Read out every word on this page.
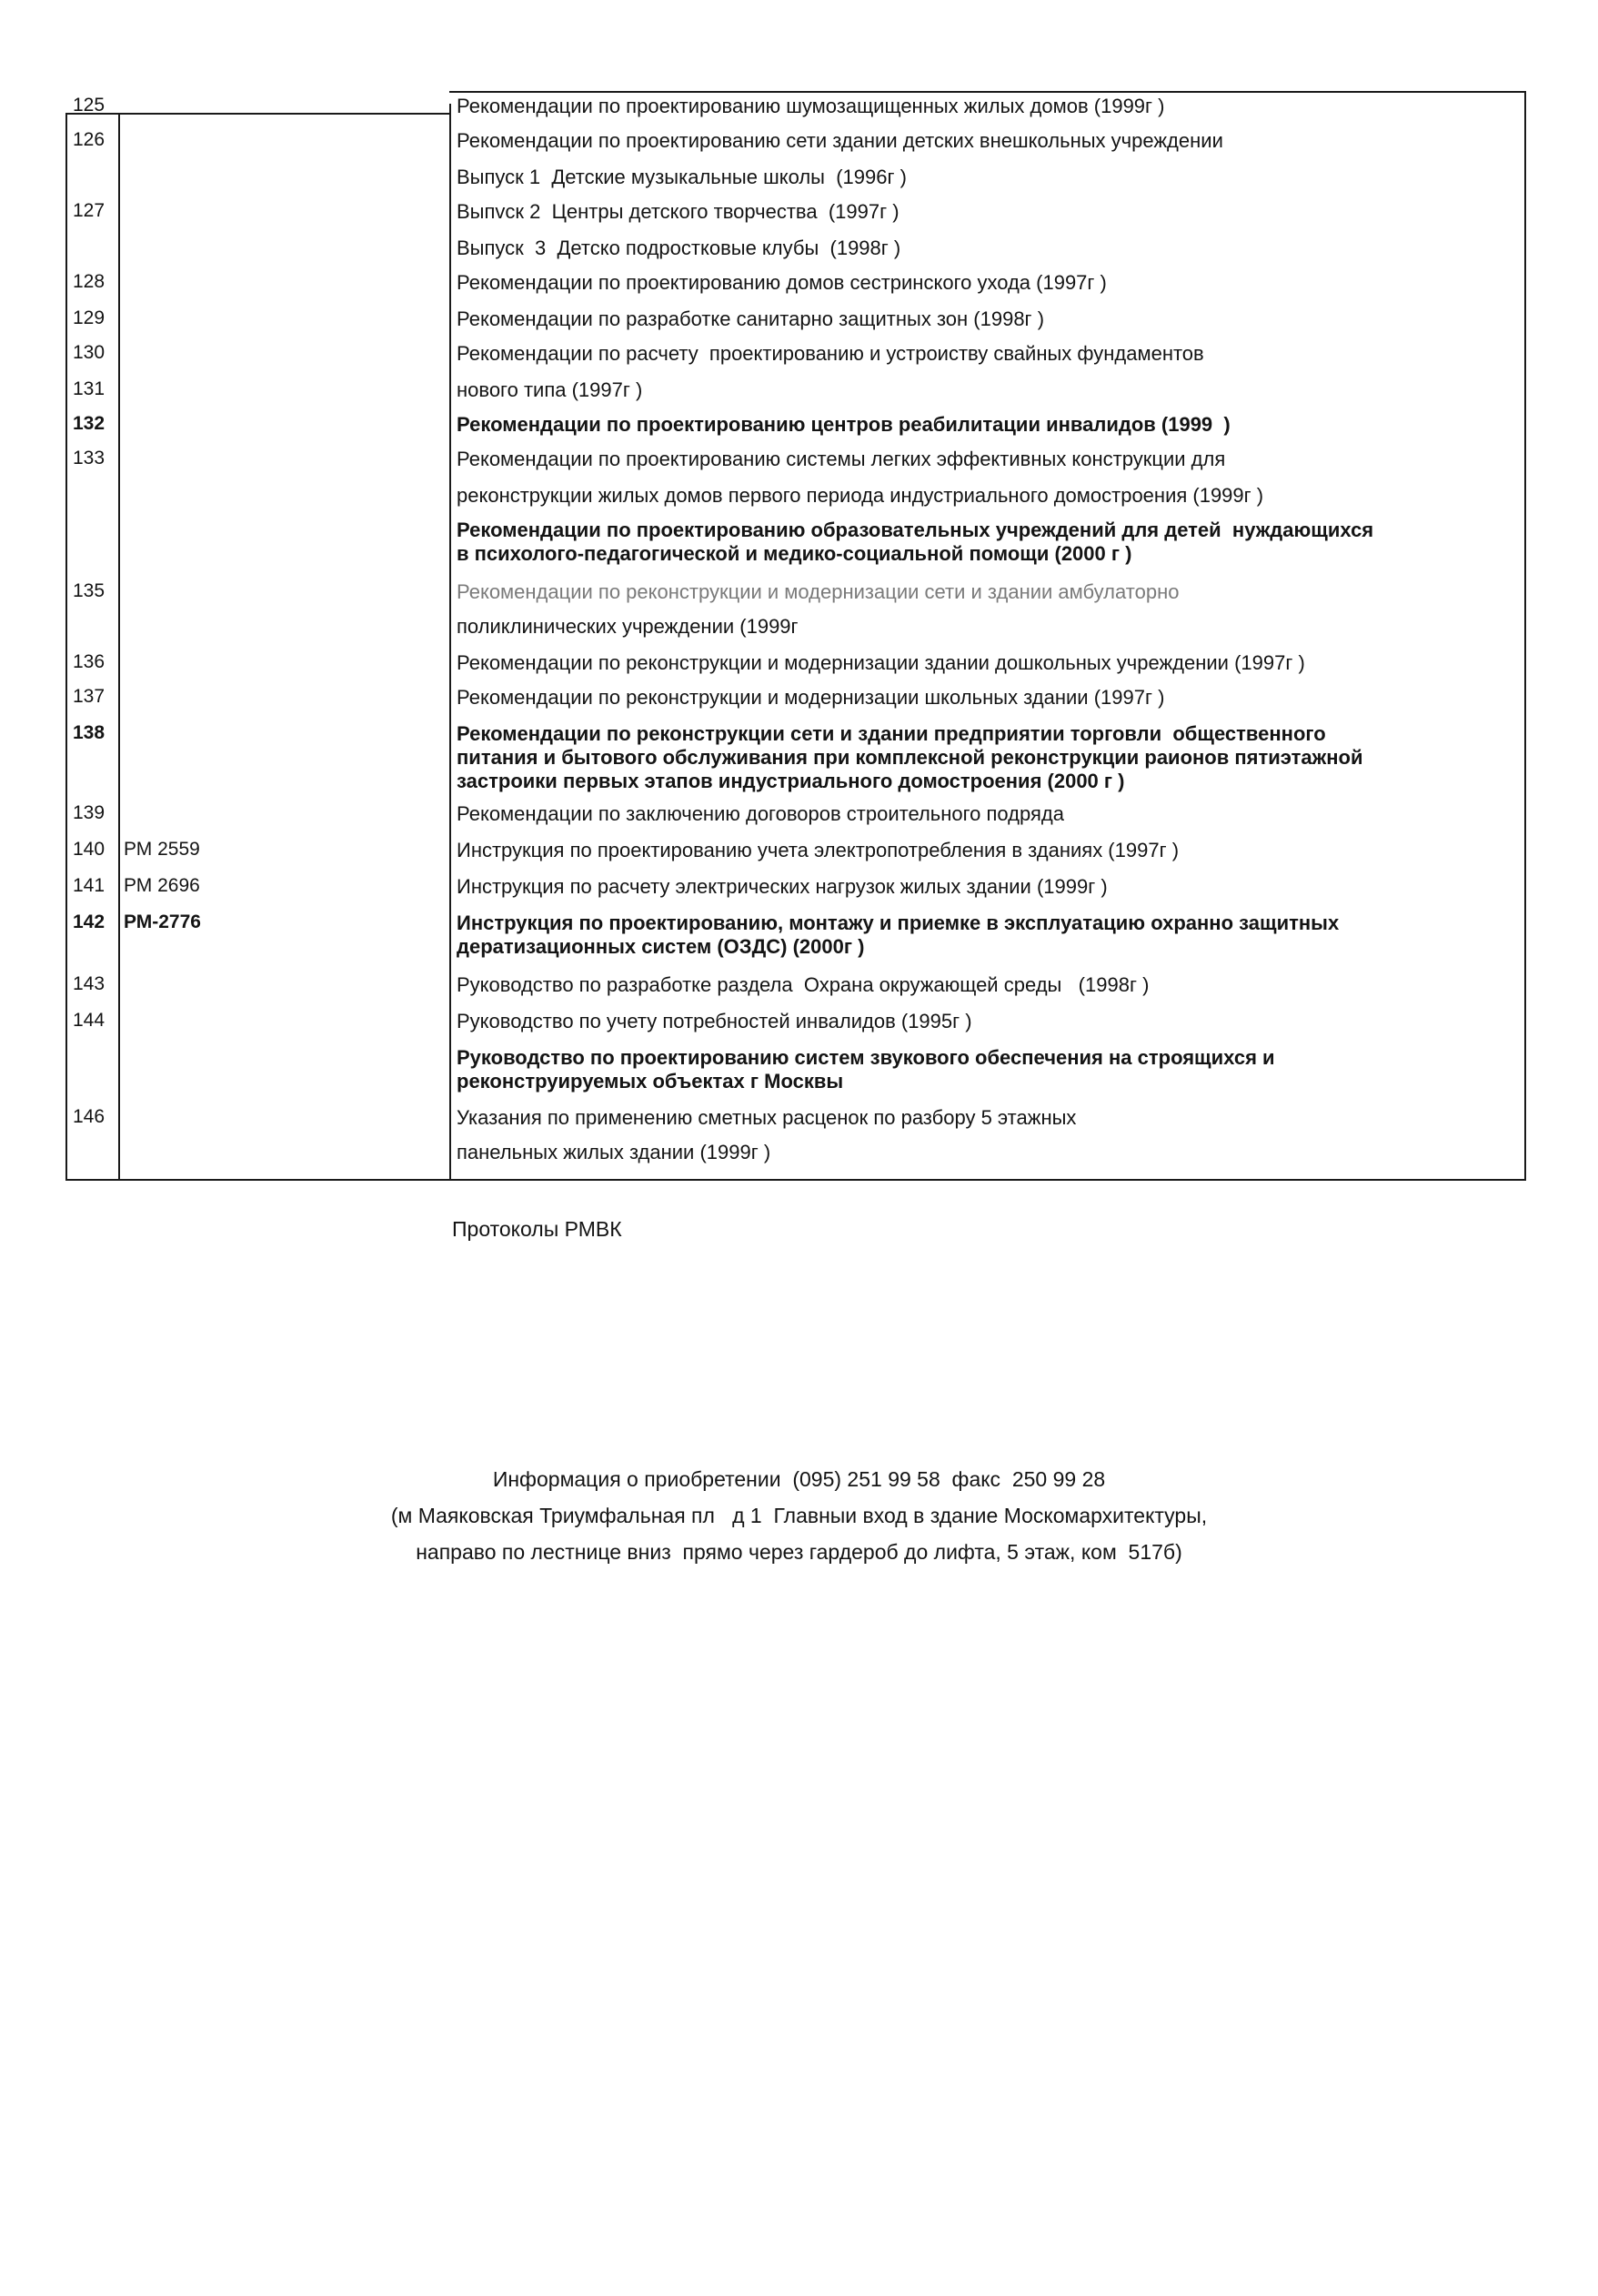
125	Рекомендации по проектированию шумозащищенных жилых домов (1999г )
126	Рекомендации по проектированию сети здании детских внешкольных учреждении
Выпуск 1  Детские музыкальные школы  (1996г )
127	Выпvск 2  Центры детского творчества  (1997г )
Выпуск  3  Детско подростковые клубы  (1998г )
128	Рекомендации по проектированию домов сестринского ухода (1997г )
129	Рекомендации по разработке санитарно защитных зон (1998г )
130	Рекомендации по расчету  проектированию и устроиству свайных фундаментов
131	нового типа (1997г )
132	Рекомендации по проектированию центров реабилитации инвалидов (1999  )
133	Рекомендации по проектированию системы легких эффективных конструкции для
реконструкции жилых домов первого периода индустриального домостроения (1999г )
Рекомендации по проектированию образовательных учреждений для детей  нуждающихся
в психолого-педагогической и медико-социальной помощи (2000 г )
135	Рекомендации по реконструкции и модернизации сети и здании амбулаторно
поликлинических учреждении (1999г
136	Рекомендации по реконструкции и модернизации здании дошкольных учреждении (1997г )
137	Рекомендации по реконструкции и модернизации школьных здании (1997г )
138	Рекомендации по реконструкции сети и здании предприятии торговли  общественного
питания и бытового обслуживания при комплексной реконструкции раионов пятиэтажной
застроики первых этапов индустриального домостроения (2000 г )
139	Рекомендации по заключению договоров строительного подряда
140 РМ 2559	Инструкция по проектированию учета электропотребления в зданиях (1997г )
141 РМ 2696	Инструкция по расчету электрических нагрузок жилых здании (1999г )
142 РМ-2776	Инструкция по проектированию, монтажу и приемке в эксплуатацию охранно защитных
дератизационных систем (ОЗДС) (2000г )
143	Руководство по разработке раздела  Охрана окружающей среды   (1998г )
144	Руководство по учету потребностей инвалидов (1995г )
Руководство по проектированию систем звукового обеспечения на строящихся и
реконструируемых объектах г Москвы
146	Указания по применению сметных расценок по разбору 5 этажных
панельных жилых здании (1999г )
Протоколы РМВК
Информация о приобретении  (095) 251 99 58  факс  250 99 28
(м Маяковская Триумфальная пл   д 1  Главныи вход в здание Москомархитектуры,
направо по лестнице вниз  прямо через гардероб до лифта, 5 этаж, ком  517б)
